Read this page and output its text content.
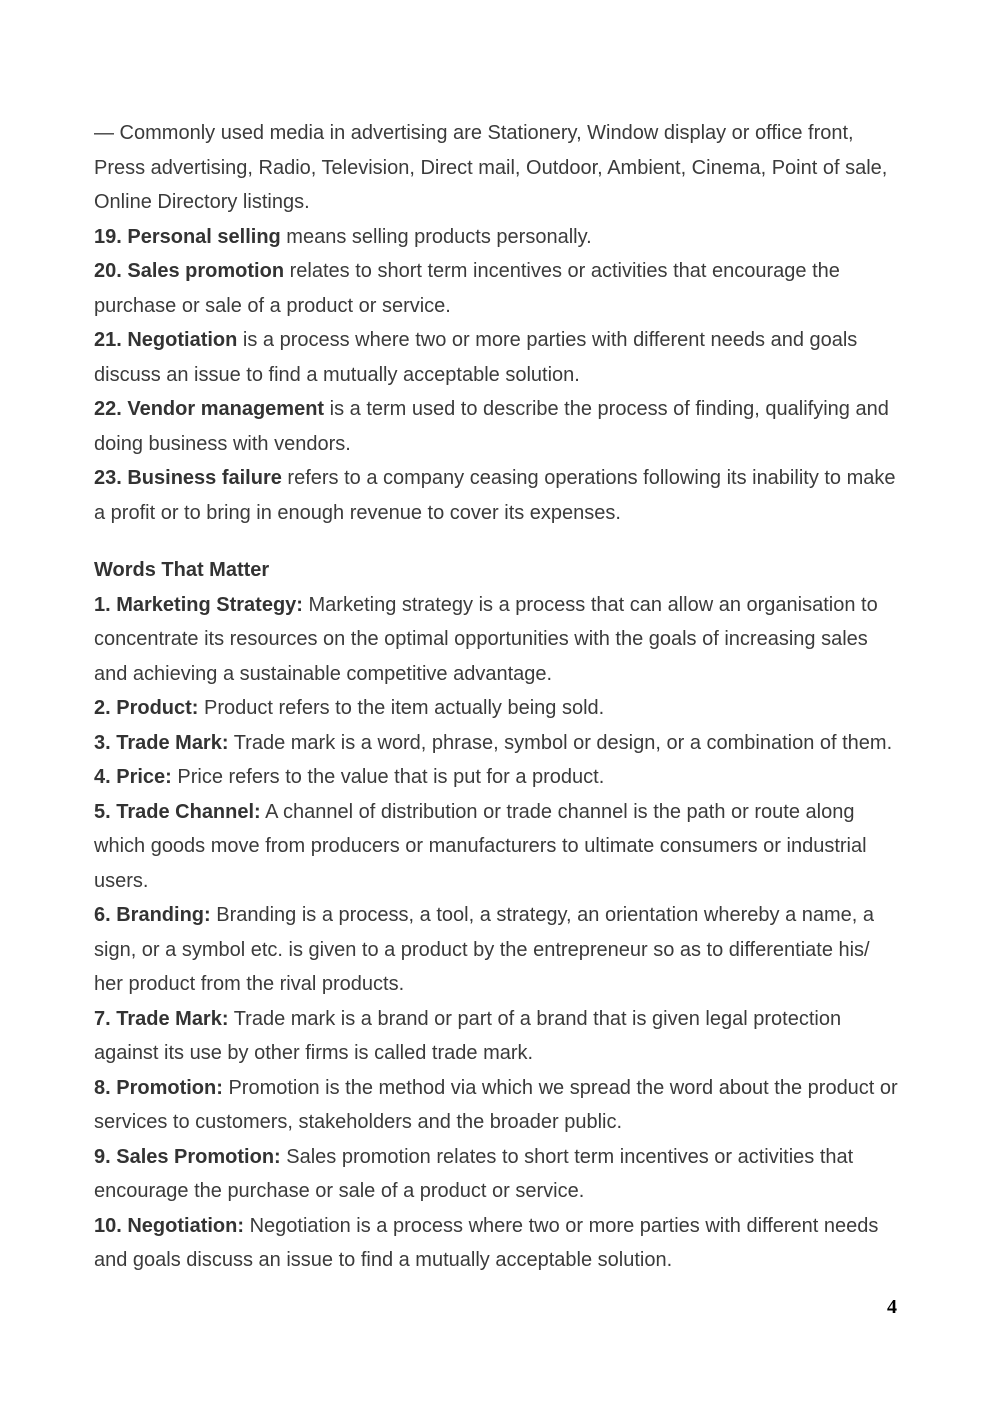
— Commonly used media in advertising are Stationery, Window display or office front, Press advertising, Radio, Television, Direct mail, Outdoor, Ambient, Cinema, Point of sale, Online Directory listings.

19. Personal selling means selling products personally.

20. Sales promotion relates to short term incentives or activities that encourage the purchase or sale of a product or service.

21. Negotiation is a process where two or more parties with different needs and goals discuss an issue to find a mutually acceptable solution.

22. Vendor management is a term used to describe the process of finding, qualifying and doing business with vendors.

23. Business failure refers to a company ceasing operations following its inability to make a profit or to bring in enough revenue to cover its expenses.

Words That Matter

1. Marketing Strategy: Marketing strategy is a process that can allow an organisation to concentrate its resources on the optimal opportunities with the goals of increasing sales and achieving a sustainable competitive advantage.

2. Product: Product refers to the item actually being sold.

3. Trade Mark: Trade mark is a word, phrase, symbol or design, or a combination of them.

4. Price: Price refers to the value that is put for a product.

5. Trade Channel: A channel of distribution or trade channel is the path or route along which goods move from producers or manufacturers to ultimate consumers or industrial users.

6. Branding: Branding is a process, a tool, a strategy, an orientation whereby a name, a sign, or a symbol etc. is given to a product by the entrepreneur so as to differentiate his/ her product from the rival products.

7. Trade Mark: Trade mark is a brand or part of a brand that is given legal protection against its use by other firms is called trade mark.

8. Promotion: Promotion is the method via which we spread the word about the product or services to customers, stakeholders and the broader public.

9. Sales Promotion: Sales promotion relates to short term incentives or activities that encourage the purchase or sale of a product or service.

10. Negotiation: Negotiation is a process where two or more parties with different needs and goals discuss an issue to find a mutually acceptable solution.

4
